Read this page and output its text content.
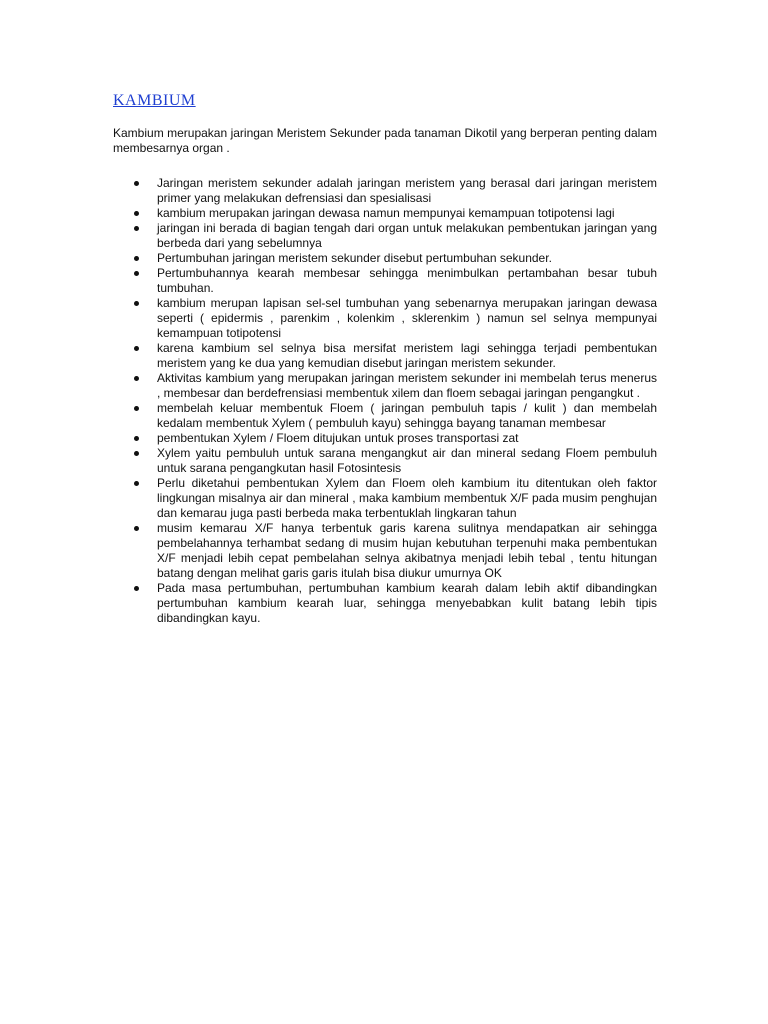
KAMBIUM

Kambium merupakan jaringan Meristem Sekunder pada tanaman Dikotil yang berperan penting dalam membesarnya organ .

Jaringan meristem sekunder adalah jaringan meristem yang berasal dari jaringan meristem primer yang melakukan defrensiasi dan spesialisasi
kambium merupakan jaringan dewasa namun mempunyai kemampuan totipotensi lagi
jaringan ini berada di bagian tengah dari organ untuk melakukan pembentukan jaringan yang berbeda dari yang sebelumnya
Pertumbuhan jaringan meristem sekunder disebut pertumbuhan sekunder.
Pertumbuhannya kearah membesar sehingga menimbulkan pertambahan besar tubuh tumbuhan.
kambium merupan lapisan sel-sel tumbuhan yang sebenarnya merupakan jaringan dewasa seperti ( epidermis , parenkim , kolenkim , sklerenkim ) namun sel selnya mempunyai kemampuan totipotensi
karena kambium sel selnya bisa mersifat meristem lagi sehingga terjadi pembentukan meristem yang ke dua yang kemudian disebut jaringan meristem sekunder.
Aktivitas kambium yang merupakan jaringan meristem sekunder ini membelah terus menerus , membesar dan berdefrensiasi membentuk xilem dan floem sebagai jaringan pengangkut .
membelah keluar membentuk Floem ( jaringan pembuluh tapis / kulit ) dan membelah kedalam membentuk Xylem ( pembuluh kayu) sehingga bayang tanaman membesar
pembentukan Xylem / Floem ditujukan untuk proses transportasi zat
Xylem yaitu pembuluh untuk sarana mengangkut air dan mineral sedang Floem pembuluh untuk sarana pengangkutan hasil Fotosintesis
Perlu diketahui pembentukan Xylem dan Floem oleh kambium itu ditentukan oleh faktor lingkungan misalnya air dan mineral , maka kambium membentuk X/F pada musim penghujan dan kemarau juga pasti berbeda maka terbentuklah lingkaran tahun
musim kemarau X/F hanya terbentuk garis karena sulitnya mendapatkan air sehingga pembelahannya terhambat sedang di musim hujan kebutuhan terpenuhi maka pembentukan X/F menjadi lebih cepat pembelahan selnya akibatnya menjadi lebih tebal , tentu hitungan batang dengan melihat garis garis itulah bisa diukur umurnya OK
Pada masa pertumbuhan, pertumbuhan kambium kearah dalam lebih aktif dibandingkan pertumbuhan kambium kearah luar, sehingga menyebabkan kulit batang lebih tipis dibandingkan kayu.
